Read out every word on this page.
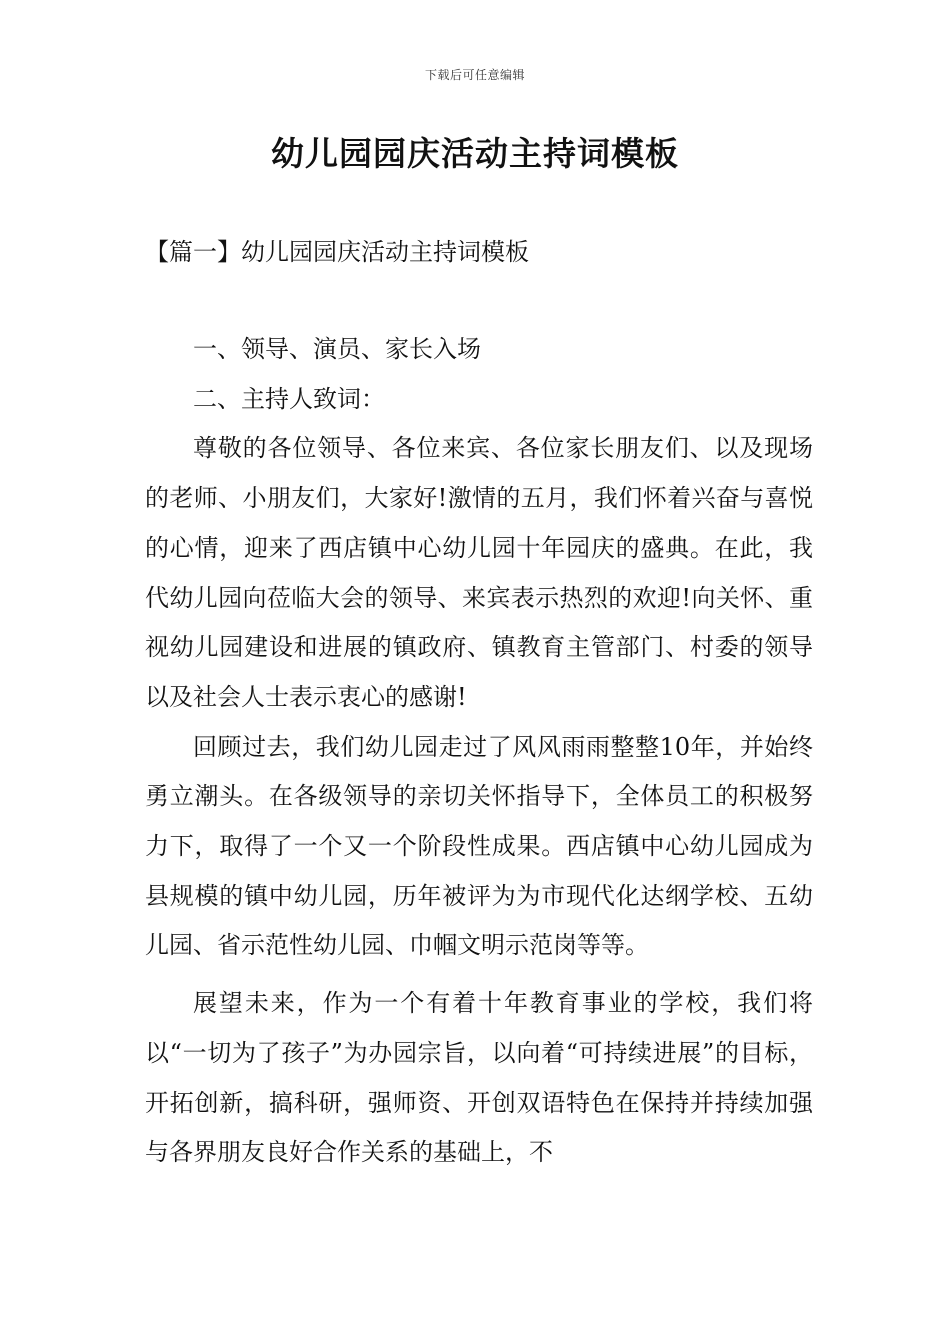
下载后可任意编辑
幼儿园园庆活动主持词模板
【篇一】幼儿园园庆活动主持词模板

一、领导、演员、家长入场

二、主持人致词：

尊敬的各位领导、各位来宾、各位家长朋友们、以及现场的老师、小朋友们，大家好!激情的五月，我们怀着兴奋与喜悦的心情，迎来了西店镇中心幼儿园十年园庆的盛典。在此，我代幼儿园向莅临大会的领导、来宾表示热烈的欢迎!向关怀、重视幼儿园建设和进展的镇政府、镇教育主管部门、村委的领导以及社会人士表示衷心的感谢!

回顾过去，我们幼儿园走过了风风雨雨整整10年，并始终勇立潮头。在各级领导的亲切关怀指导下，全体员工的积极努力下，取得了一个又一个阶段性成果。西店镇中心幼儿园成为县规模的镇中幼儿园，历年被评为为市现代化达纲学校、五幼儿园、省示范性幼儿园、巾帼文明示范岗等等。

展望未来，作为一个有着十年教育事业的学校，我们将以“一切为了孩子”为办园宗旨，以向着“可持续进展”的目标，开拓创新，搞科研，强师资、开创双语特色在保持并持续加强与各界朋友良好合作关系的基础上，不
